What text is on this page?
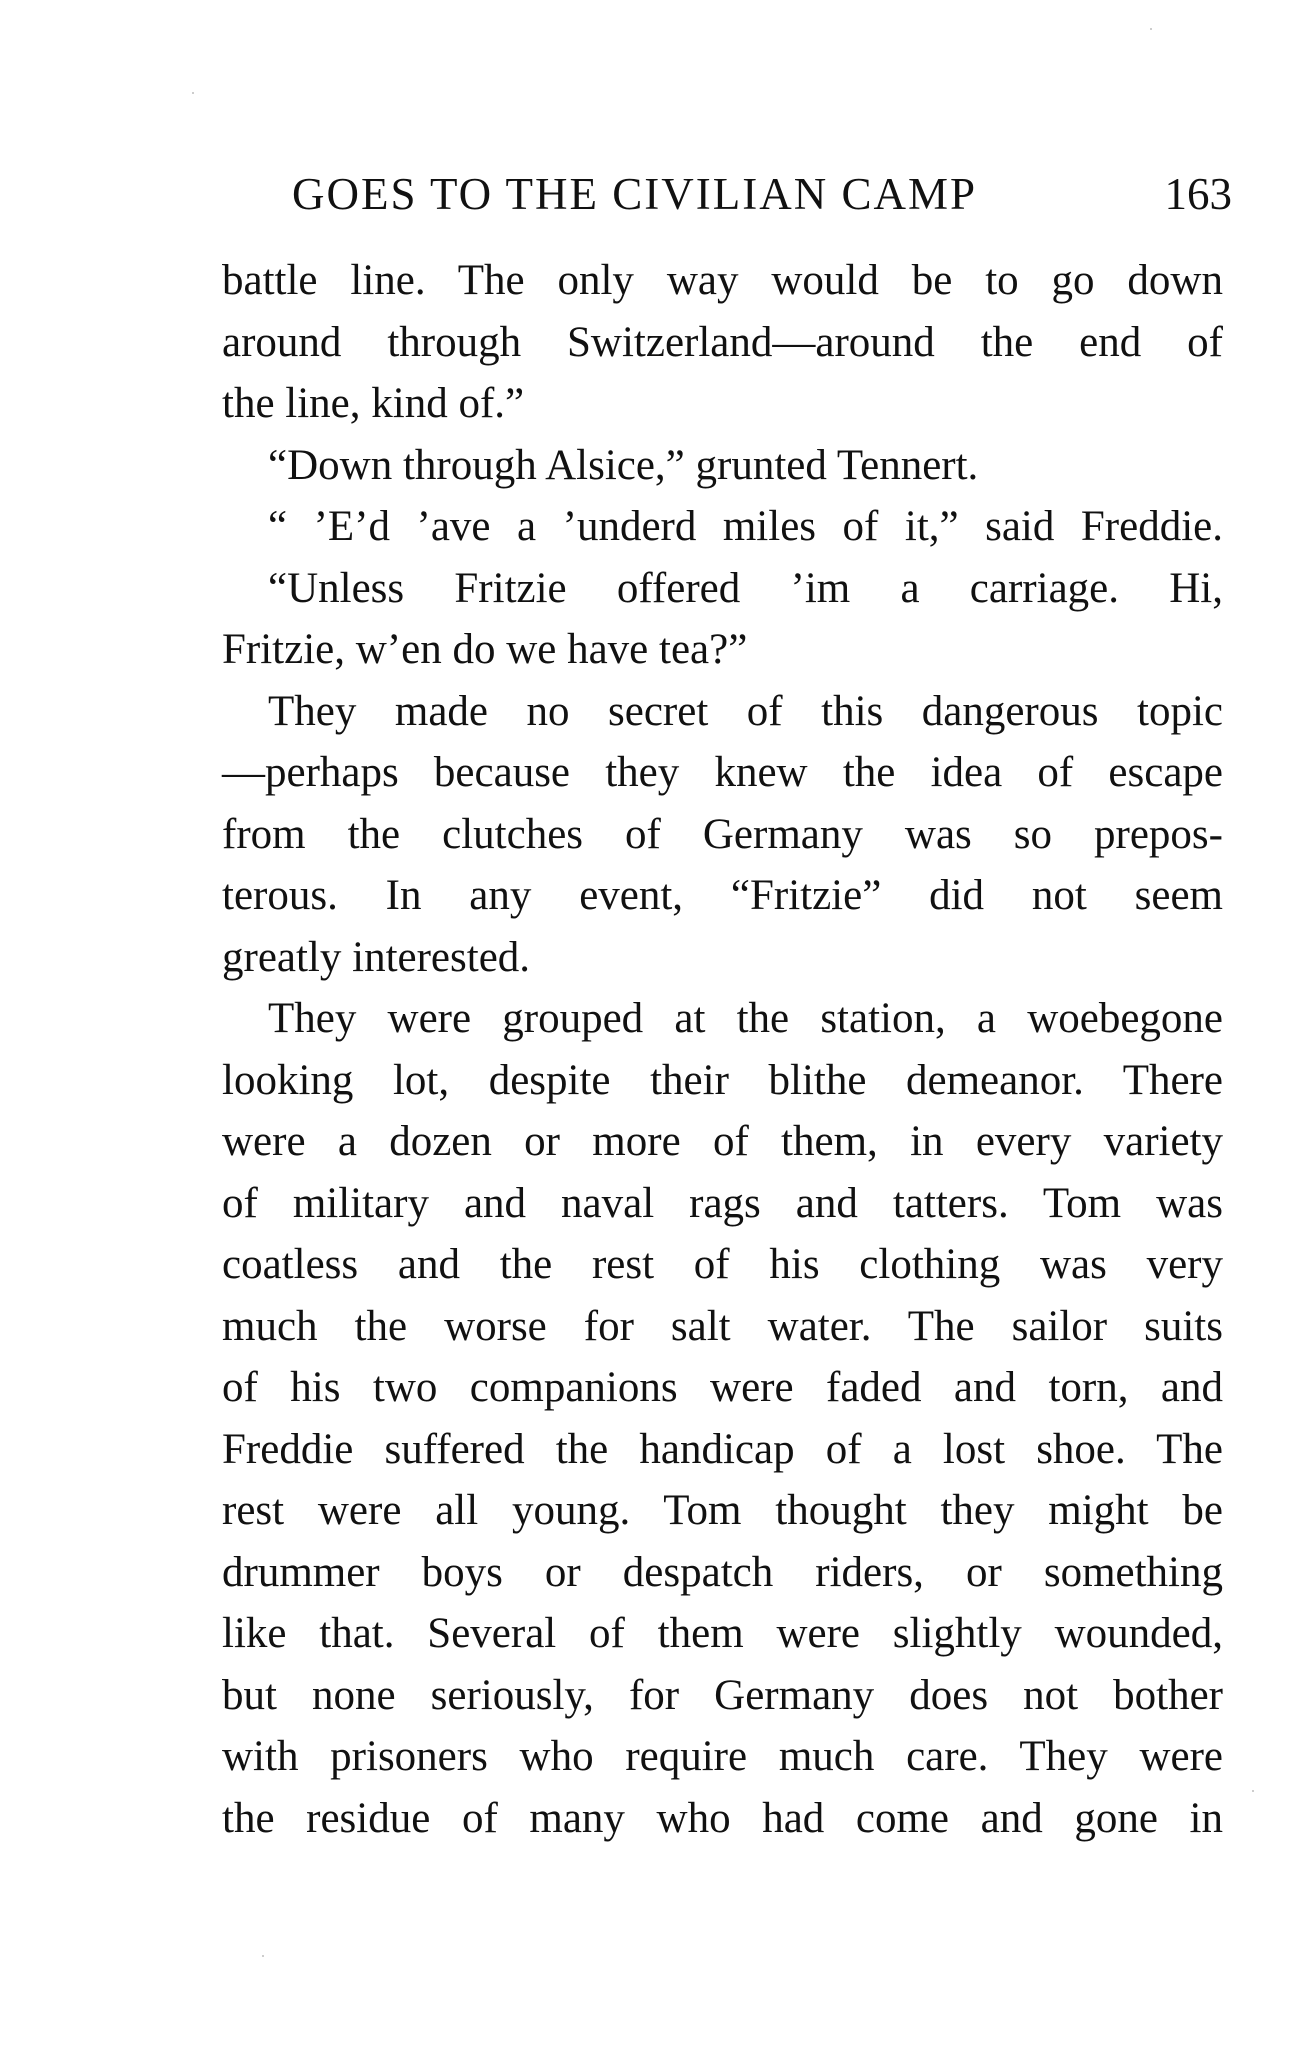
GOES TO THE CIVILIAN CAMP	163
battle line. The only way would be to go down
around through Switzerland—around the end of
the line, kind of.”
“Down through Alsice,” grunted Tennert.
“ ’E’d ’ave a ’underd miles of it,” said Freddie.
“Unless Fritzie offered ’im a carriage. Hi,
Fritzie, w’en do we have tea?”
They made no secret of this dangerous topic
—perhaps because they knew the idea of escape
from the clutches of Germany was so prepos-
terous. In any event, “Fritzie” did not seem
greatly interested.
They were grouped at the station, a woebegone
looking lot, despite their blithe demeanor. There
were a dozen or more of them, in every variety
of military and naval rags and tatters. Tom was
coatless and the rest of his clothing was very
much the worse for salt water. The sailor suits
of his two companions were faded and torn, and
Freddie suffered the handicap of a lost shoe. The
rest were all young. Tom thought they might be
drummer boys or despatch riders, or something
like that. Several of them were slightly wounded,
but none seriously, for Germany does not bother
with prisoners who require much care. They were
the residue of many who had come and gone in
